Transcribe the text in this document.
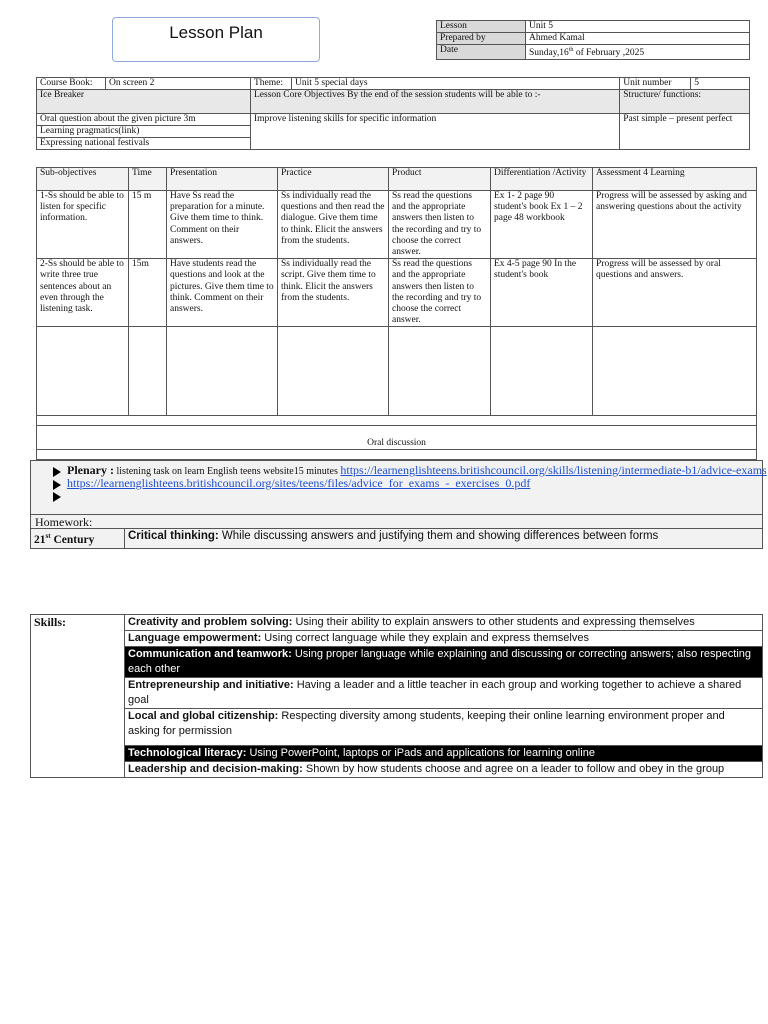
Lesson Plan	Lesson	Unit 5
Prepared by	Ahmed Kamal
Date	Sunday,16th of February ,2025
Course Book:	On screen 2	Theme:	Unit 5 special days	Unit number	5
Ice Breaker		Lesson Core Objectives By the end of the session students will be able to :-		Structure/ functions:	

Oral question about the given picture 3m
Learning pragmatics(link)
Expressing national festivals		Improve listening skills for specific information		Past simple – present perfect	
Sub-objectives	Time	Presentation	Practice	Product	Differentiation /Activity	Assessment 4 Learning
1-Ss should be able to listen for specific information.	15 m	Have Ss read the preparation for a minute. Give them time to think. Comment on their answers.	Ss individually read the questions and then read the dialogue. Give them time to think. Elicit the answers from the students.	Ss read the questions and the appropriate answers then listen to the recording and try to choose the correct answer.	Ex 1- 2 page 90 student's book Ex 1 – 2 page 48 workbook	Progress will be assessed by asking and answering questions about the activity
2-Ss should be able to write three true sentences about an even through the listening task.	15m	Have students read the questions and look at the pictures. Give them time to think. Comment on their answers.	Ss individually read the script. Give them time to think. Elicit the answers from the students.	Ss read the questions and the appropriate answers then listen to the recording and try to choose the correct answer.	Ex 4-5 page 90 In the student's book	Progress will be assessed by oral questions and answers.

Oral discussion						

Plenary : listening task on learn English teens website15 minutes https://learnenglishteens.britishcouncil.org/skills/listening/intermediate-b1/advice-exams
https://learnenglishteens.britishcouncil.org/sites/teens/files/advice_for_exams_-_exercises_0.pdf
Homework:
21st Century	Critical thinking: While discussing answers and justifying them and showing differences between forms
Skills:	Creativity and problem solving: Using their ability to explain answers to other students and expressing themselves
Language empowerment: Using correct language while they explain and express themselves
Communication and teamwork: Using proper language while explaining and discussing or correcting answers; also respecting each other
Entrepreneurship and initiative: Having a leader and a little teacher in each group and working together to achieve a shared goal
Local and global citizenship: Respecting diversity among students, keeping their online learning environment proper and asking for permission
Technological literacy: Using PowerPoint, laptops or iPads and applications for learning online
Leadership and decision-making: Shown by how students choose and agree on a leader to follow and obey in the group
